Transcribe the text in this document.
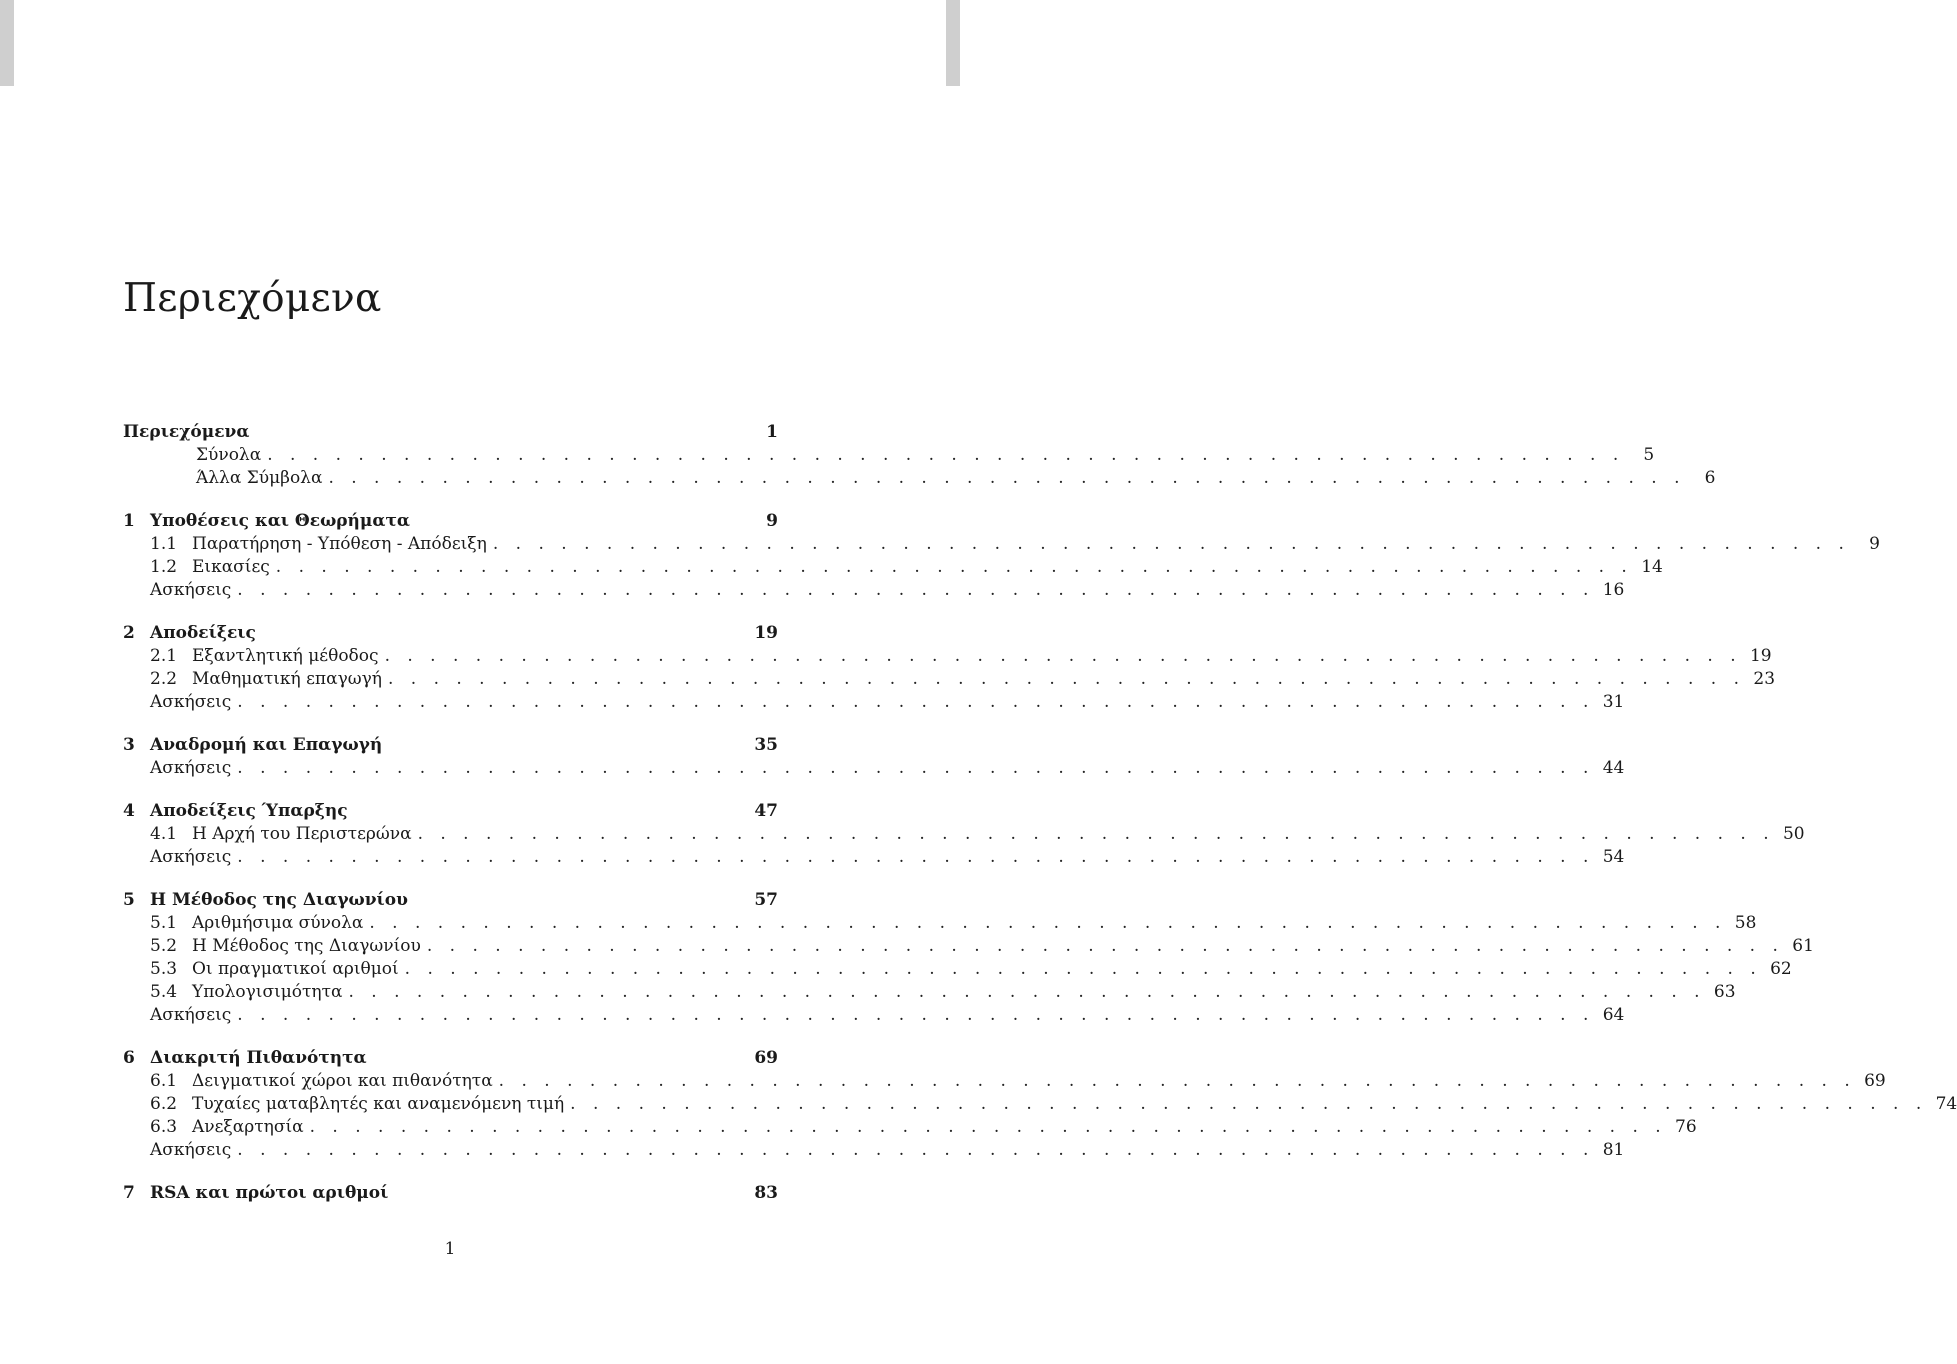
Περιεχόμενα
Περιεχόμενα	1
Σύνολα . . . . . . . . . . . . . . . . . . . . . . . . . . . . . . . . . . . . . . . . . . . . . . . . . . . . . . . . . . . .	5
Άλλα Σύμβολα . . . . . . . . . . . . . . . . . . . . . . . . . . . . . . . . . . . . . . . . . . . . . . . . . . . . . . . . . . . .	6
1 Υποθέσεις και Θεωρήματα	9
1.1 Παρατήρηση - Υπόθεση - Απόδειξη . . . . . . . . . . . . . . . . . . . . . . . . . . . . . . . . . . . . . . . . . . . . . . . . . . . . . . . . . . . .	9
1.2 Εικασίες . . . . . . . . . . . . . . . . . . . . . . . . . . . . . . . . . . . . . . . . . . . . . . . . . . . . . . . . . . . . 14
Ασκήσεις . . . . . . . . . . . . . . . . . . . . . . . . . . . . . . . . . . . . . . . . . . . . . . . . . . . . . . . . . . . . 16
2 Αποδείξεις	19
2.1 Εξαντλητική μέθοδος . . . . . . . . . . . . . . . . . . . . . . . . . . . . . . . . . . . . . . . . . . . . . . . . . . . . . . . . . . . . 19
2.2 Μαθηματική επαγωγή . . . . . . . . . . . . . . . . . . . . . . . . . . . . . . . . . . . . . . . . . . . . . . . . . . . . . . . . . . . . 23
Ασκήσεις . . . . . . . . . . . . . . . . . . . . . . . . . . . . . . . . . . . . . . . . . . . . . . . . . . . . . . . . . . . . 31
3 Αναδρομή και Επαγωγή	35
Ασκήσεις . . . . . . . . . . . . . . . . . . . . . . . . . . . . . . . . . . . . . . . . . . . . . . . . . . . . . . . . . . . . 44
4 Αποδείξεις Ύπαρξης	47
4.1 Η Αρχή του Περιστερώνα . . . . . . . . . . . . . . . . . . . . . . . . . . . . . . . . . . . . . . . . . . . . . . . . . . . . . . . . . . . . 50
Ασκήσεις . . . . . . . . . . . . . . . . . . . . . . . . . . . . . . . . . . . . . . . . . . . . . . . . . . . . . . . . . . . . 54
5 Η Μέθοδος της Διαγωνίου	57
5.1 Αριθμήσιμα σύνολα . . . . . . . . . . . . . . . . . . . . . . . . . . . . . . . . . . . . . . . . . . . . . . . . . . . . . . . . . . . . 58
5.2 Η Μέθοδος της Διαγωνίου . . . . . . . . . . . . . . . . . . . . . . . . . . . . . . . . . . . . . . . . . . . . . . . . . . . . . . . . . . . . 61
5.3 Οι πραγματικοί αριθμοί . . . . . . . . . . . . . . . . . . . . . . . . . . . . . . . . . . . . . . . . . . . . . . . . . . . . . . . . . . . . 62
5.4 Υπολογισιμότητα . . . . . . . . . . . . . . . . . . . . . . . . . . . . . . . . . . . . . . . . . . . . . . . . . . . . . . . . . . . . 63
Ασκήσεις . . . . . . . . . . . . . . . . . . . . . . . . . . . . . . . . . . . . . . . . . . . . . . . . . . . . . . . . . . . . 64
6 Διακριτή Πιθανότητα	69
6.1 Δειγματικοί χώροι και πιθανότητα . . . . . . . . . . . . . . . . . . . . . . . . . . . . . . . . . . . . . . . . . . . . . . . . . . . . . . . . . . . . 69
6.2 Τυχαίες ματαβλητές και αναμενόμενη τιμή . . . . . . . . . . . . . . . . . . . . . . . . . . . . . . . . . . . . . . . . . . . . . . . . . . . . . . . . . . . . 74
6.3 Ανεξαρτησία . . . . . . . . . . . . . . . . . . . . . . . . . . . . . . . . . . . . . . . . . . . . . . . . . . . . . . . . . . . . 76
Ασκήσεις . . . . . . . . . . . . . . . . . . . . . . . . . . . . . . . . . . . . . . . . . . . . . . . . . . . . . . . . . . . . 81
7 RSA και πρώτοι αριθμοί	83
1
